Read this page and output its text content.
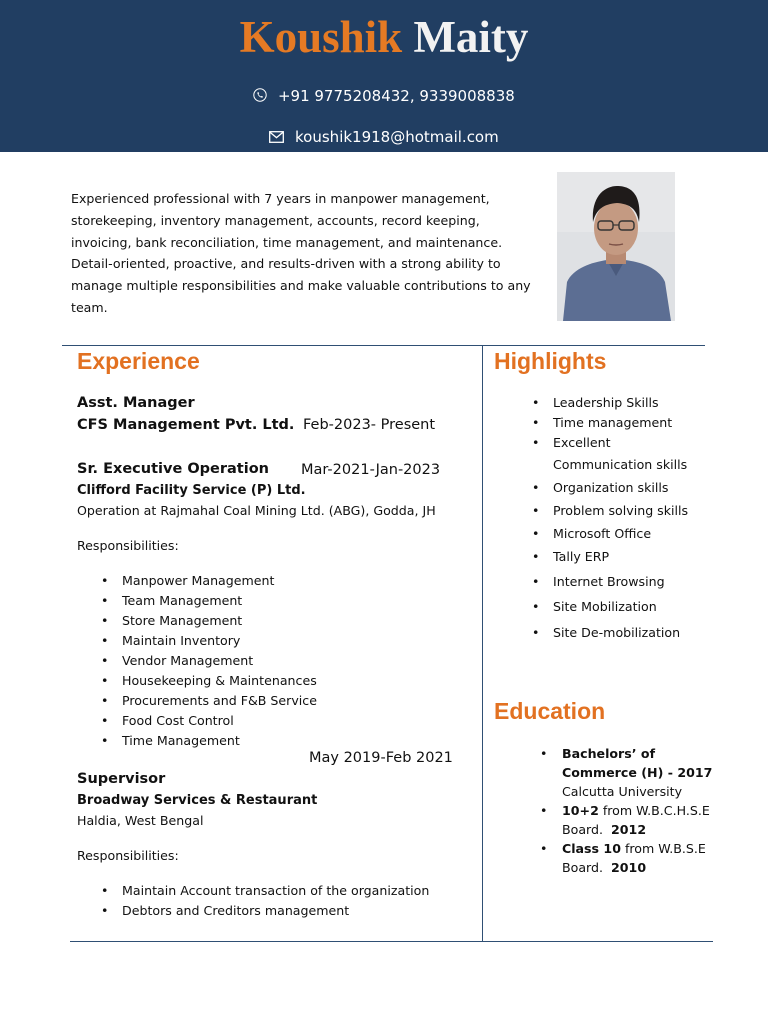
Koushik Maity
+91 9775208432, 9339008838
koushik1918@hotmail.com
Experienced professional with 7 years in manpower management, storekeeping, inventory management, accounts, record keeping, invoicing, bank reconciliation, time management, and maintenance. Detail-oriented, proactive, and results-driven with a strong ability to manage multiple responsibilities and make valuable contributions to any team.
Experience
Asst. Manager
CFS Management Pvt. Ltd. Feb-2023- Present
Sr. Executive Operation Mar-2021-Jan-2023
Clifford Facility Service (P) Ltd.
Operation at Rajmahal Coal Mining Ltd. (ABG), Godda, JH
Responsibilities:
• Manpower Management
• Team Management
• Store Management
• Maintain Inventory
• Vendor Management
• Housekeeping & Maintenances
• Procurements and F&B Service
• Food Cost Control
• Time Management
May 2019-Feb 2021
Supervisor
Broadway Services & Restaurant
Haldia, West Bengal
Responsibilities:
• Maintain Account transaction of the organization
• Debtors and Creditors management
Highlights
• Leadership Skills
• Time management
• Excellent Communication skills
• Organization skills
• Problem solving skills
• Microsoft Office
• Tally ERP
• Internet Browsing
• Site Mobilization
• Site De-mobilization
Education
• Bachelors’ of Commerce (H) - 2017 Calcutta University
• 10+2 from W.B.C.H.S.E Board.  2012
• Class 10 from W.B.S.E Board.  2010
